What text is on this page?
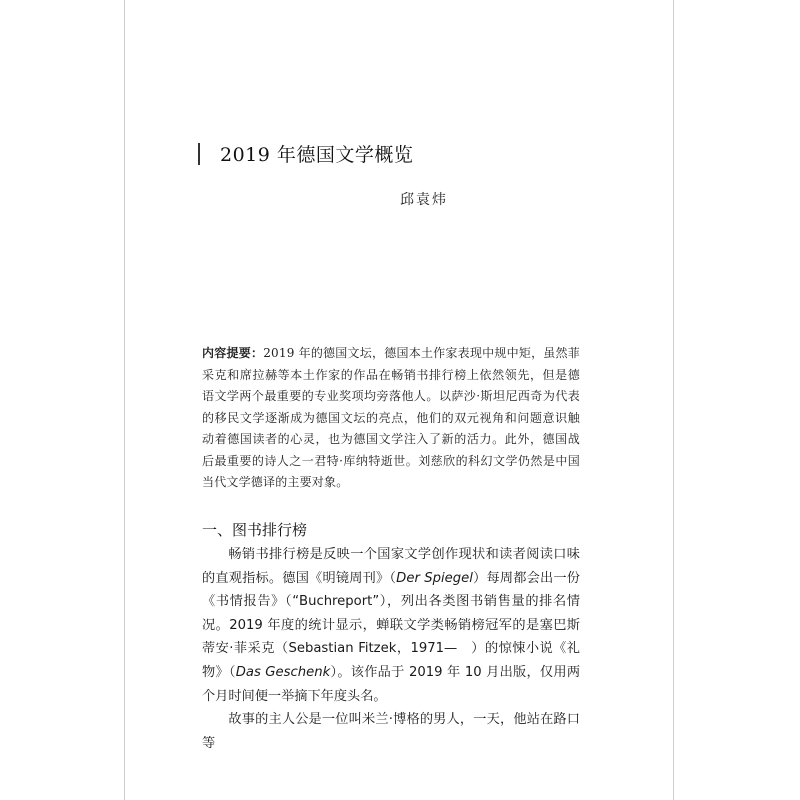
2019 年德国文学概览
邱袁炜
内容提要：2019 年的德国文坛，德国本土作家表现中规中矩，虽然菲采克和席拉赫等本土作家的作品在畅销书排行榜上依然领先，但是德语文学两个最重要的专业奖项均旁落他人。以萨沙·斯坦尼西奇为代表的移民文学逐渐成为德国文坛的亮点，他们的双元视角和问题意识触动着德国读者的心灵，也为德国文学注入了新的活力。此外，德国战后最重要的诗人之一君特·库纳特逝世。刘慈欣的科幻文学仍然是中国当代文学德译的主要对象。
一、图书排行榜

畅销书排行榜是反映一个国家文学创作现状和读者阅读口味的直观指标。德国《明镜周刊》（Der Spiegel）每周都会出一份《书情报告》（“Buchreport”），列出各类图书销售量的排名情况。2019 年度的统计显示，蝉联文学类畅销榜冠军的是塞巴斯蒂安·菲采克（Sebastian Fitzek，1971—　）的惊悚小说《礼物》（Das Geschenk）。该作品于 2019 年 10 月出版，仅用两个月时间便一举摘下年度头名。

故事的主人公是一位叫米兰·博格的男人，一天，他站在路口等
